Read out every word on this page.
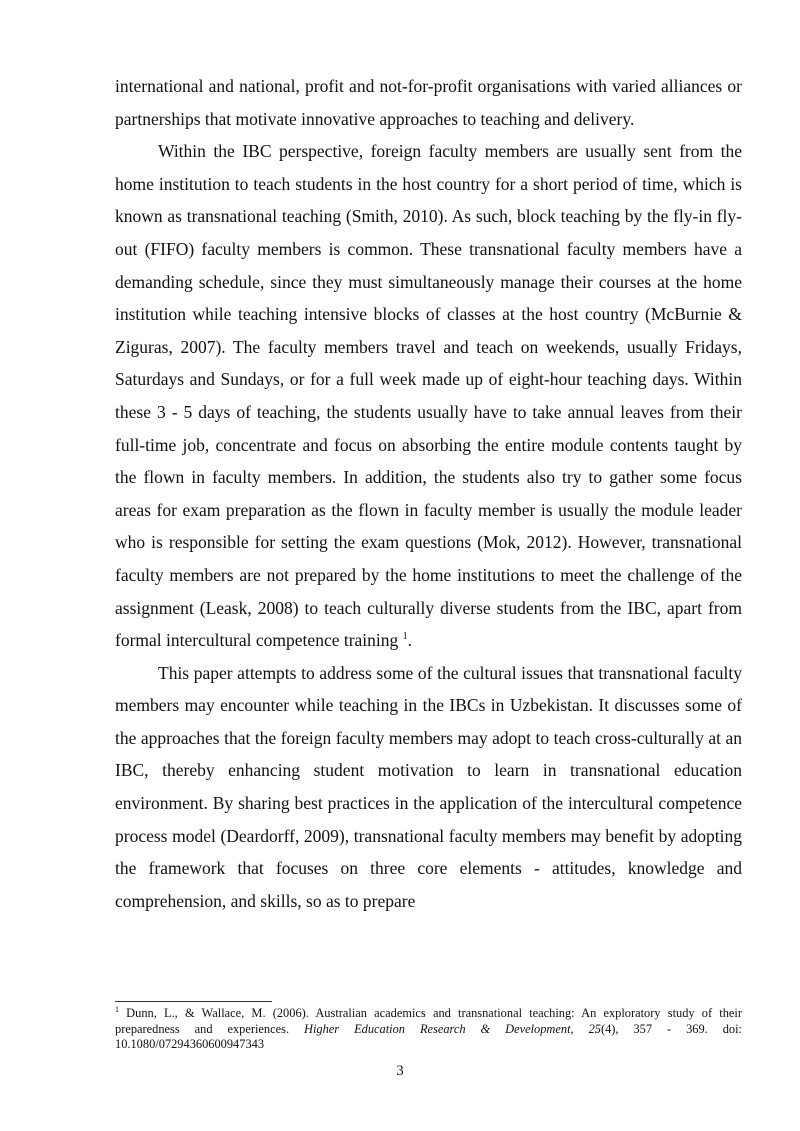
international and national, profit and not-for-profit organisations with varied alliances or partnerships that motivate innovative approaches to teaching and delivery.

Within the IBC perspective, foreign faculty members are usually sent from the home institution to teach students in the host country for a short period of time, which is known as transnational teaching (Smith, 2010). As such, block teaching by the fly-in fly-out (FIFO) faculty members is common. These transnational faculty members have a demanding schedule, since they must simultaneously manage their courses at the home institution while teaching intensive blocks of classes at the host country (McBurnie & Ziguras, 2007). The faculty members travel and teach on weekends, usually Fridays, Saturdays and Sundays, or for a full week made up of eight-hour teaching days. Within these 3 - 5 days of teaching, the students usually have to take annual leaves from their full-time job, concentrate and focus on absorbing the entire module contents taught by the flown in faculty members. In addition, the students also try to gather some focus areas for exam preparation as the flown in faculty member is usually the module leader who is responsible for setting the exam questions (Mok, 2012). However, transnational faculty members are not prepared by the home institutions to meet the challenge of the assignment (Leask, 2008) to teach culturally diverse students from the IBC, apart from formal intercultural competence training $^1$.

This paper attempts to address some of the cultural issues that transnational faculty members may encounter while teaching in the IBCs in Uzbekistan. It discusses some of the approaches that the foreign faculty members may adopt to teach cross-culturally at an IBC, thereby enhancing student motivation to learn in transnational education environment. By sharing best practices in the application of the intercultural competence process model (Deardorff, 2009), transnational faculty members may benefit by adopting the framework that focuses on three core elements - attitudes, knowledge and comprehension, and skills, so as to prepare

$^1$ Dunn, L., & Wallace, M. (2006). Australian academics and transnational teaching: An exploratory study of their preparedness and experiences. Higher Education Research & Development, 25(4), 357 - 369. doi: 10.1080/07294360600947343
3
